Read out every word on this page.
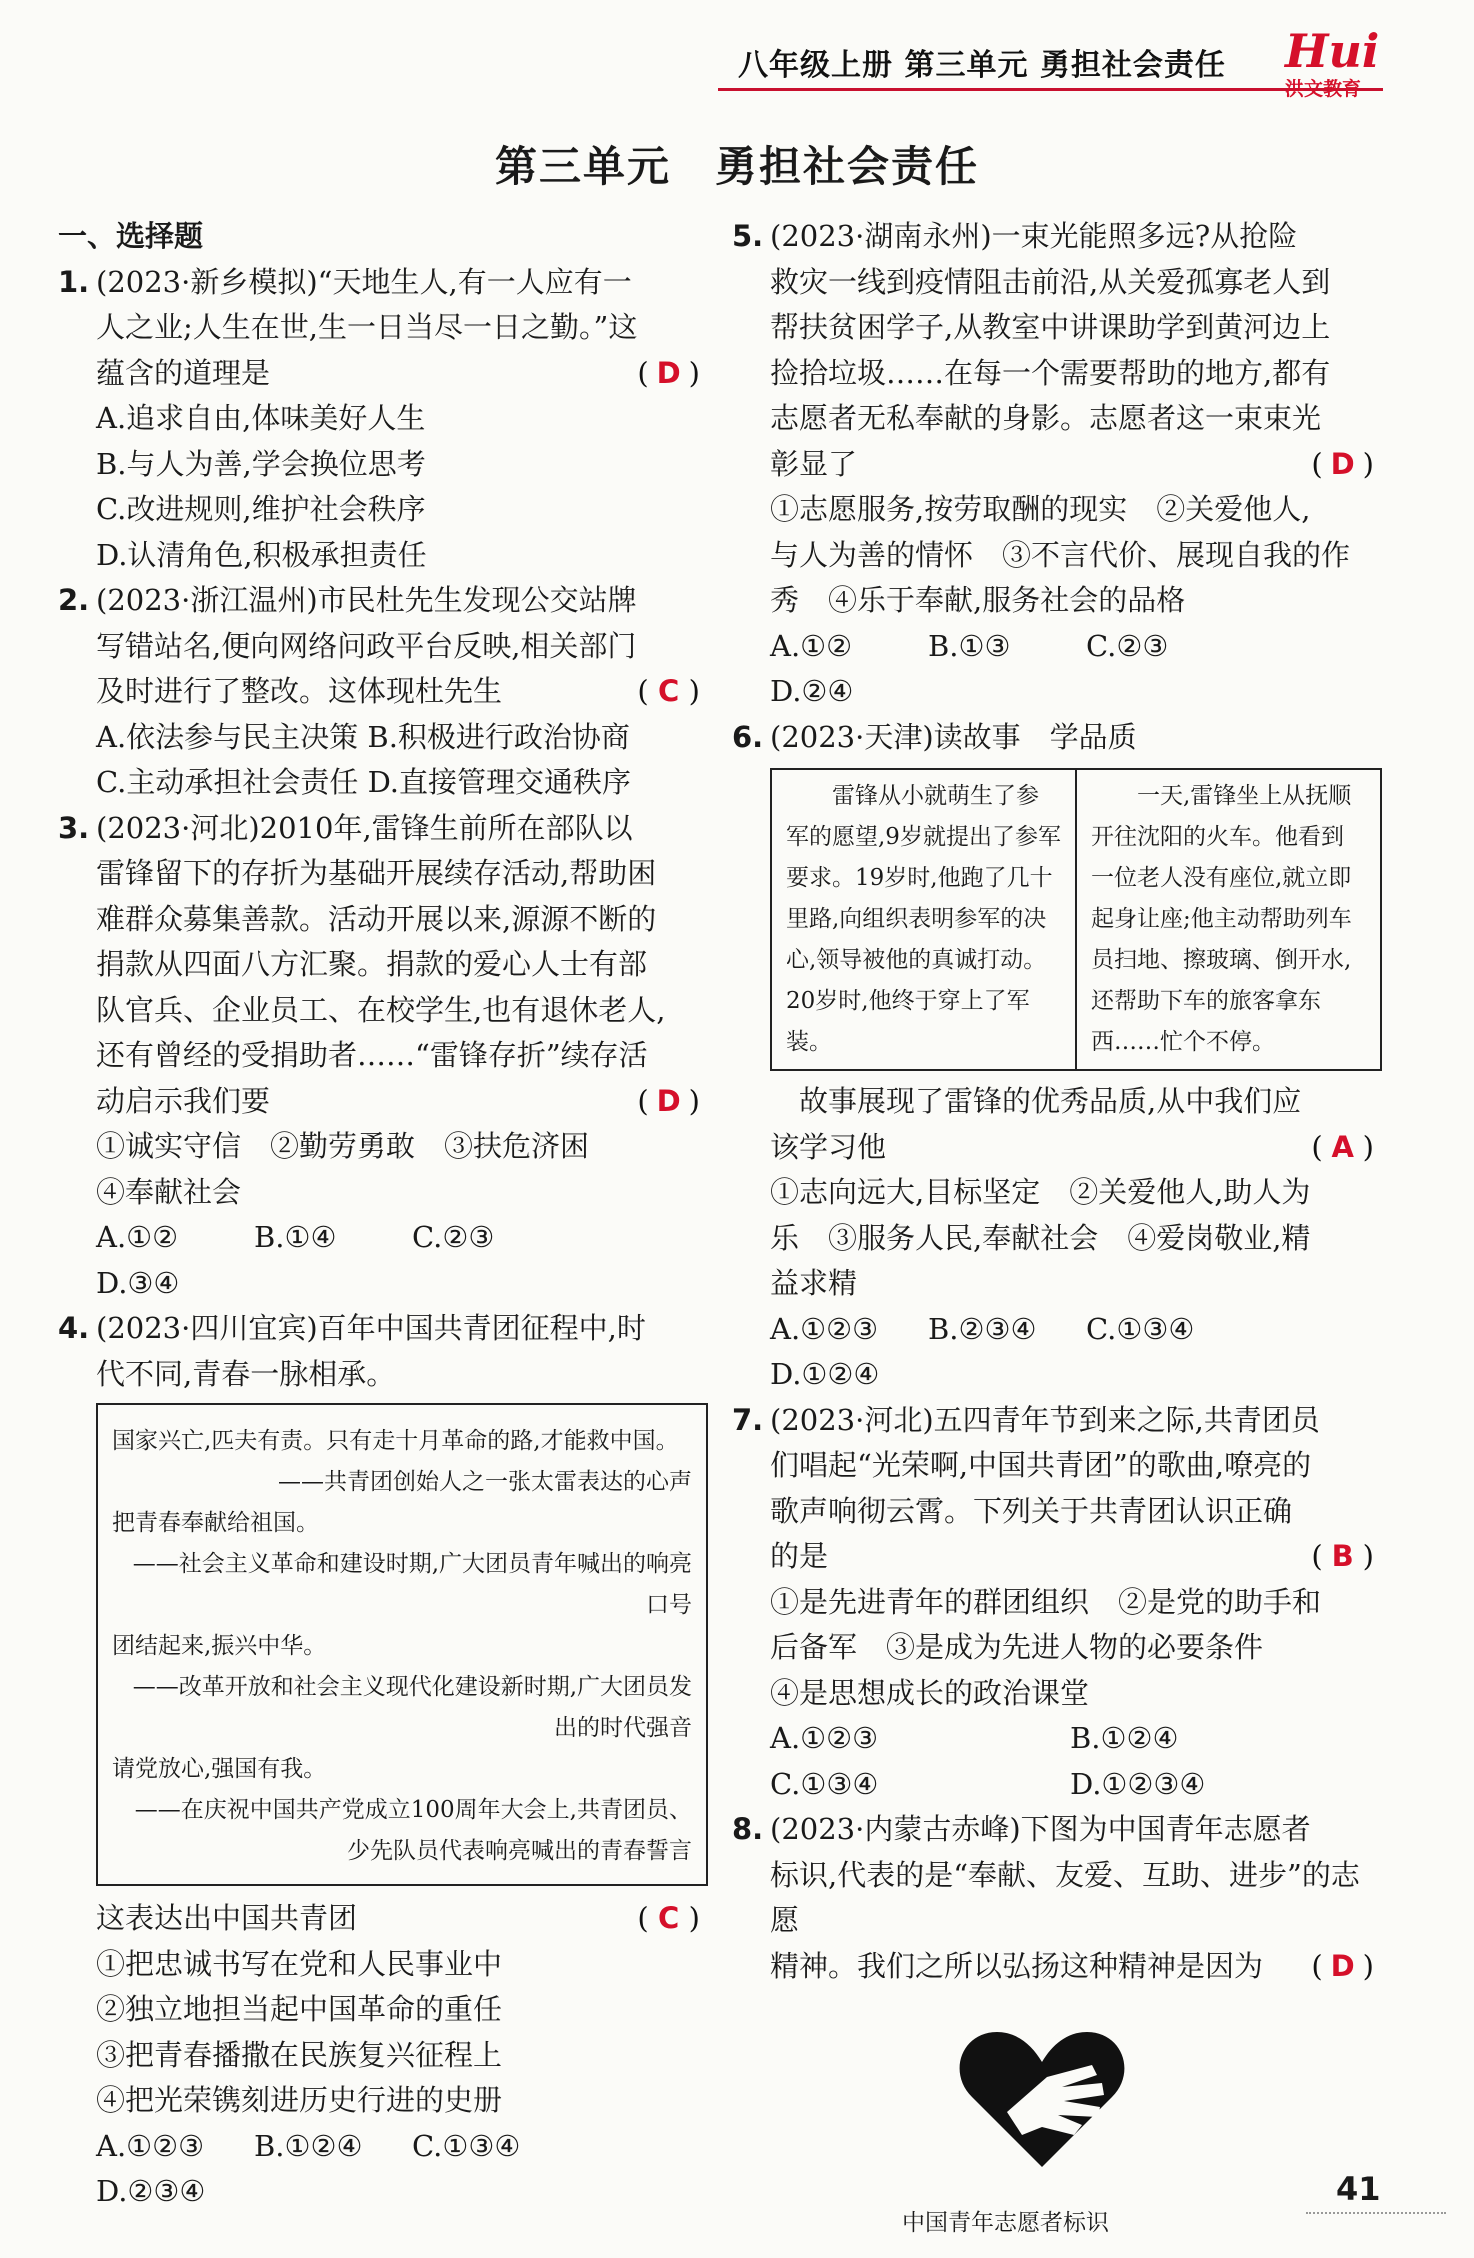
八年级上册 第三单元 勇担社会责任 Hui
洪文教育
第三单元　勇担社会责任
一、选择题
1. (2023·新乡模拟)“天地生人,有一人应有一
人之业;人生在世,生一日当尽一日之勤。”这
蕴含的道理是	( D )
A.追求自由,体味美好人生
B.与人为善,学会换位思考
C.改进规则,维护社会秩序
D.认清角色,积极承担责任
2. (2023·浙江温州)市民杜先生发现公交站牌
写错站名,便向网络问政平台反映,相关部门
及时进行了整改。这体现杜先生	( C )
A.依法参与民主决策 B.积极进行政治协商
C.主动承担社会责任 D.直接管理交通秩序
3. (2023·河北)2010年,雷锋生前所在部队以
雷锋留下的存折为基础开展续存活动,帮助困
难群众募集善款。活动开展以来,源源不断的
捐款从四面八方汇聚。捐款的爱心人士有部
队官兵、企业员工、在校学生,也有退休老人,
还有曾经的受捐助者……“雷锋存折”续存活
动启示我们要	( D )
①诚实守信　②勤劳勇敢　③扶危济困
④奉献社会
A.①②	B.①④	C.②③D.③④
4. (2023·四川宜宾)百年中国共青团征程中,时
代不同,青春一脉相承。
国家兴亡,匹夫有责。只有走十月革命的路,才能救中国。
——共青团创始人之一张太雷表达的心声
把青春奉献给祖国。
——社会主义革命和建设时期,广大团员青年喊出的响亮口号
团结起来,振兴中华。
——改革开放和社会主义现代化建设新时期,广大团员发出的时代强音
请党放心,强国有我。
——在庆祝中国共产党成立100周年大会上,共青团员、少先队员代表响亮喊出的青春誓言
这表达出中国共青团	( C )
①把忠诚书写在党和人民事业中
②独立地担当起中国革命的重任
③把青春播撒在民族复兴征程上
④把光荣镌刻进历史行进的史册
A.①②③ B.①②④ C.①③④D.②③④
5. (2023·湖南永州)一束光能照多远?从抢险
救灾一线到疫情阻击前沿,从关爱孤寡老人到
帮扶贫困学子,从教室中讲课助学到黄河边上
捡拾垃圾……在每一个需要帮助的地方,都有
志愿者无私奉献的身影。志愿者这一束束光
彰显了	( D )
①志愿服务,按劳取酬的现实　②关爱他人,
与人为善的情怀　③不言代价、展现自我的作
秀　④乐于奉献,服务社会的品格
A.①②	B.①③	C.②③D.②④
6. (2023·天津)读故事　学品质
雷锋从小就萌生了参军的愿望,9岁就提出了参军要求。19岁时,他跑了几十里路,向组织表明参军的决心,领导被他的真诚打动。20岁时,他终于穿上了军装。
一天,雷锋坐上从抚顺开往沈阳的火车。他看到一位老人没有座位,就立即起身让座;他主动帮助列车员扫地、擦玻璃、倒开水,还帮助下车的旅客拿东西……忙个不停。
　故事展现了雷锋的优秀品质,从中我们应
该学习他	( A )
①志向远大,目标坚定　②关爱他人,助人为
乐　③服务人民,奉献社会　④爱岗敬业,精
益求精
A.①②③ B.②③④ C.①③④D.①②④
7. (2023·河北)五四青年节到来之际,共青团员
们唱起“光荣啊,中国共青团”的歌曲,嘹亮的
歌声响彻云霄。下列关于共青团认识正确
的是	( B )
①是先进青年的群团组织　②是党的助手和
后备军　③是成为先进人物的必要条件
④是思想成长的政治课堂
A.①②③	B.①②④
C.①③④	D.①②③④
8. (2023·内蒙古赤峰)下图为中国青年志愿者
标识,代表的是“奉献、友爱、互助、进步”的志愿
精神。我们之所以弘扬这种精神是因为 ( D )
中国青年志愿者标识
41
